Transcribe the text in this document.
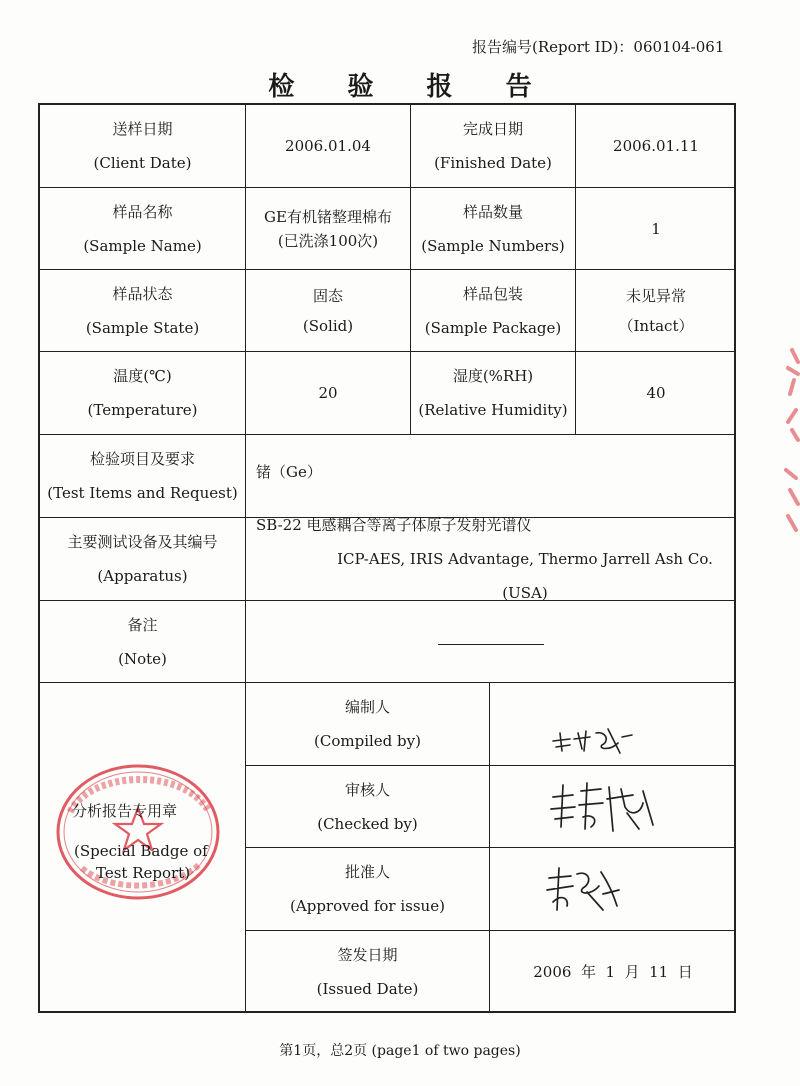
报告编号(Report ID)：060104-061
检 验 报 告
送样日期
(Client Date)
2006.01.04
完成日期
(Finished Date)
2006.01.11
样品名称
(Sample Name)
GE有机锗整理棉布
(已洗涤100次)
样品数量
(Sample Numbers)
1
样品状态
(Sample State)
固态
(Solid)
样品包装
(Sample Package)
未见异常
（Intact）
温度(℃)
(Temperature)
20
湿度(%RH)
(Relative Humidity)
40
检验项目及要求
(Test Items and Request)
锗（Ge）
主要测试设备及其编号
(Apparatus)
SB-22 电感耦合等离子体原子发射光谱仪
ICP-AES, IRIS Advantage, Thermo Jarrell Ash Co. (USA)
备注
(Note)
编制人
(Compiled by)
审核人
(Checked by)
批准人
(Approved for issue)
签发日期
(Issued Date)
2006  年  1  月  11  日
分析报告专用章
(Special Badge of
Test Report)
第1页，总2页 (page1 of two pages)
